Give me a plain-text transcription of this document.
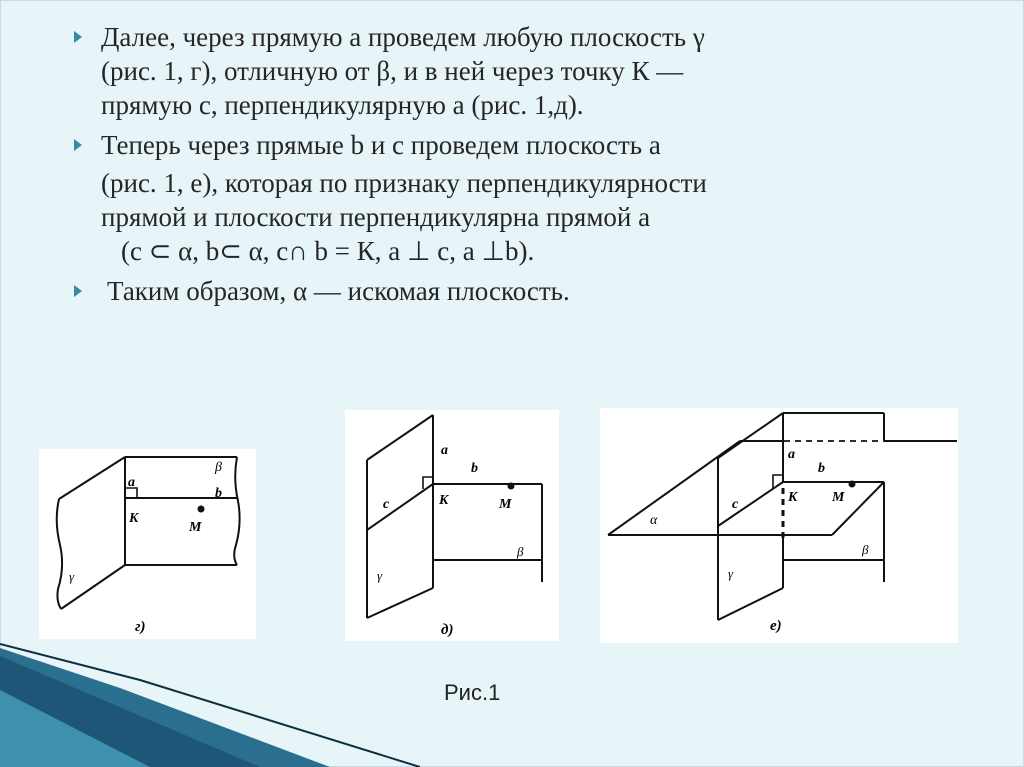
Далее, через прямую а проведем любую плоскость γ
(рис. 1, г), отличную от β, и в ней через точку К —
прямую с, перпендикулярную а (рис. 1,д).
Теперь через прямые b и с проведем плоскость а
(рис. 1, е), которая по признаку перпендикулярности
прямой и плоскости перпендикулярна прямой а
(с ⊂ α, b⊂ α, с∩ b = К, а ⊥ с, а ⊥b).
Таким образом, α — искомая плоскость.
β
a
b
K
M
γ
г)
a
b
c	K	M
β
γ
д)
a
b
c	K M
α
β
γ
е)
Рис.1
